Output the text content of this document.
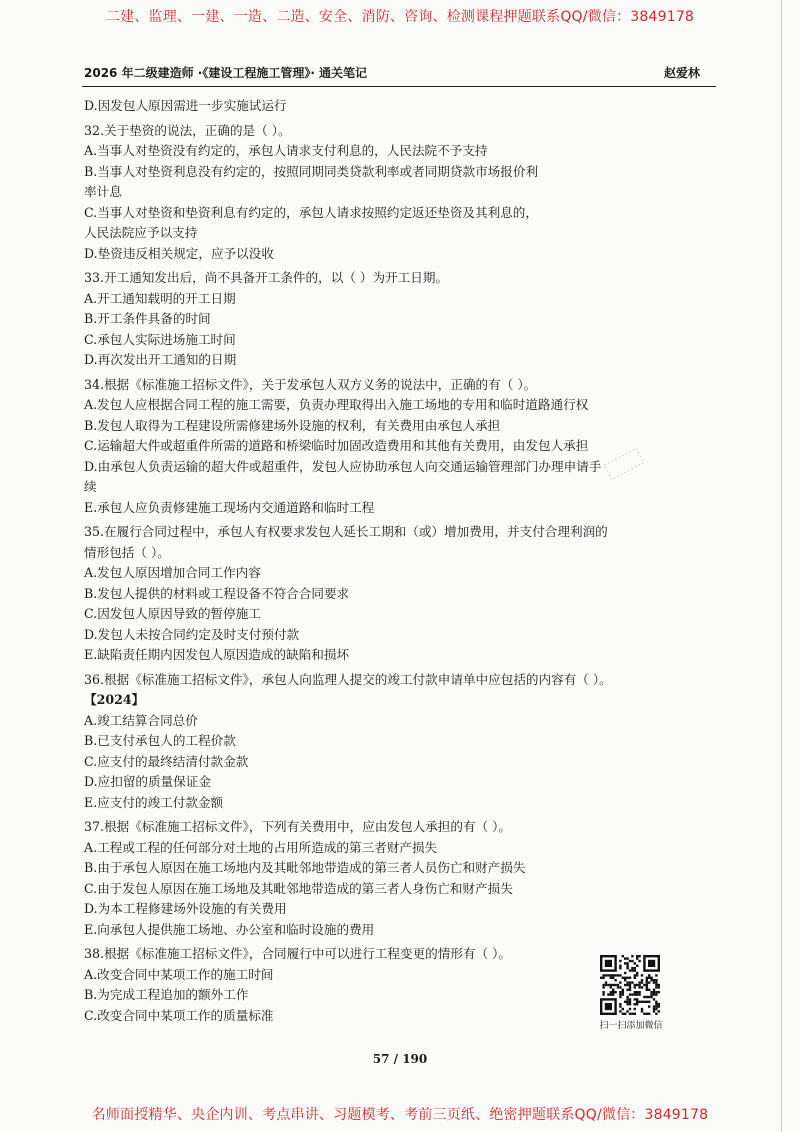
二建、监理、一建、一造、二造、安全、消防、咨询、检测课程押题联系QQ/微信：3849178
2026 年二级建造师 ·《建设工程施工管理》· 通关笔记	赵爱林
D.因发包人原因需进一步实施试运行
32.关于垫资的说法，正确的是（ ）。
A.当事人对垫资没有约定的，承包人请求支付利息的，人民法院不予支持
B.当事人对垫资利息没有约定的，按照同期同类贷款利率或者同期贷款市场报价利
率计息
C.当事人对垫资和垫资利息有约定的，承包人请求按照约定返还垫资及其利息的，
人民法院应予以支持
D.垫资违反相关规定，应予以没收
33.开工通知发出后，尚不具备开工条件的，以（ ）为开工日期。
A.开工通知载明的开工日期
B.开工条件具备的时间
C.承包人实际进场施工时间
D.再次发出开工通知的日期
34.根据《标准施工招标文件》，关于发承包人双方义务的说法中，正确的有（ ）。
A.发包人应根据合同工程的施工需要，负责办理取得出入施工场地的专用和临时道路通行权
B.发包人取得为工程建设所需修建场外设施的权利，有关费用由承包人承担
C.运输超大件或超重件所需的道路和桥梁临时加固改造费用和其他有关费用，由发包人承担
D.由承包人负责运输的超大件或超重件，发包人应协助承包人向交通运输管理部门办理申请手
续
E.承包人应负责修建施工现场内交通道路和临时工程
35.在履行合同过程中，承包人有权要求发包人延长工期和（或）增加费用，并支付合理利润的
情形包括（ ）。
A.发包人原因增加合同工作内容
B.发包人提供的材料或工程设备不符合合同要求
C.因发包人原因导致的暂停施工
D.发包人未按合同约定及时支付预付款
E.缺陷责任期内因发包人原因造成的缺陷和损坏
36.根据《标准施工招标文件》，承包人向监理人提交的竣工付款申请单中应包括的内容有（ ）。
【2024】
A.竣工结算合同总价
B.已支付承包人的工程价款
C.应支付的最终结清付款金款
D.应扣留的质量保证金
E.应支付的竣工付款金额
37.根据《标准施工招标文件》，下列有关费用中，应由发包人承担的有（ ）。
A.工程或工程的任何部分对土地的占用所造成的第三者财产损失
B.由于承包人原因在施工场地内及其毗邻地带造成的第三者人员伤亡和财产损失
C.由于发包人原因在施工场地及其毗邻地带造成的第三者人身伤亡和财产损失
D.为本工程修建场外设施的有关费用
E.向承包人提供施工场地、办公室和临时设施的费用
38.根据《标准施工招标文件》，合同履行中可以进行工程变更的情形有（ ）。
A.改变合同中某项工作的施工时间
B.为完成工程追加的额外工作
C.改变合同中某项工作的质量标准
扫一扫添加微信
57 / 190
名师面授精华、央企内训、考点串讲、习题模考、考前三页纸、绝密押题联系QQ/微信：3849178
